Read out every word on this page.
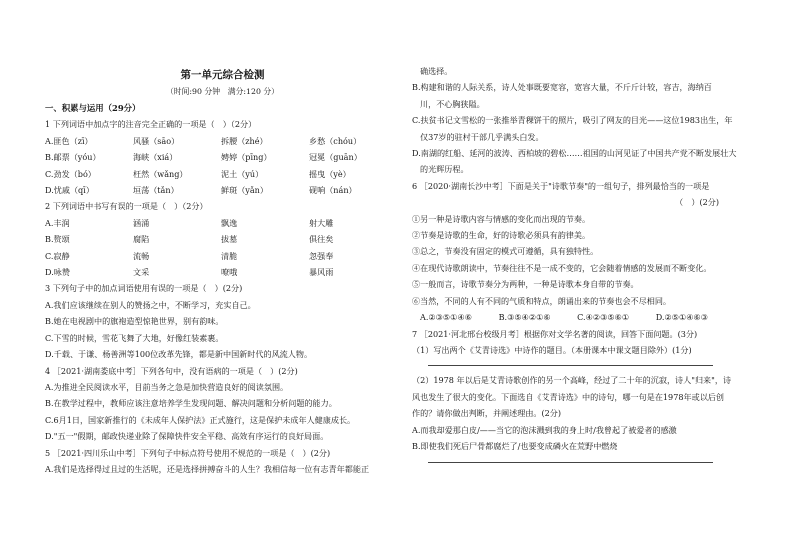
第一单元综合检测
（时间:90 分钟　满分:120 分）
一、积累与运用（29分）
1 下列词语中加点字的注音完全正确的一项是（　）（2分）
A.匪色（zī）	风骚（sāo）	拆腰（zhé）	乡愁（chóu）
B.邮票（yóu）	海峡（xiá）	娉婷（pīng）	冠冕（guān）
C.劲发（bó）	枉然（wǎng）	泥土（yú）	摇曳（yè）
D.忧戚（qī）	垣荡（tǎn）	鲜斑（yǎn）	砚响（nán）
2 下列词语中书写有误的一项是（　）（2分）
A.丰润	涵涌	飘逸	射大雕
B.赘颂	腐陷	拔墓	俱往矣
C.寂静	流畅	清脆	忽强奉
D.咏赞	文采	嘹哦	暴风雨
3 下列句子中的加点词语使用有误的一项是（　）(2分)
A.我们应该继续在别人的赞扬之中，不断学习，充实自己。
B.她在电视剧中的旗袍造型惊艳世界，别有韵味。
C.下雪的时候，雪花飞舞了大地，好像红装素裹。
D.千载、于谦、杨善洲等100位改革先锋，都是新中国新时代的风流人物。
4 ［2021·湖南娄底中考］下列各句中，没有语病的一项是（　）(2分)
A.为推进全民阅读水平，目前当务之急是加快营造良好的阅读氛围。
B.在教学过程中，教师应该注意培养学生发现问题、解决问题和分析问题的能力。
C.6月1日，国家新推行的《未成年人保护法》正式施行，这是保护未成年人健康成长。
D."五一"假期，邮政快递业除了保障快件安全平稳、高效有序运行的良好局面。
5 ［2021·四川乐山中考］下列句子中标点符号使用不规范的一项是（　）(2分)
A.我们是选择得过且过的生活呢，还是选择拼搏奋斗的人生？我相信每一位有志青年都能正
确选择。
B.构建和谐的人际关系，诗人处事既要宽容，宽容大量，不斤斤计较，容吉，海纳百
川，不心胸狭隘。
C.扶贫书记文雪松的一张推举青稞饼干的照片，吸引了网友的目光——这位1983出生，年
仅37岁的驻村干部几乎满头白发。
D.南湖的红船、延河的波涛、西柏坡的碧松……祖国的山河见证了中国共产党不断发展壮大
的光辉历程。
6 ［2020·湖南长沙中考］下面是关于"诗歌节奏"的一组句子，排列最恰当的一项是
（　）(2分)
①另一种是诗歌内容与情感的变化而出现的节奏。
②节奏是诗歌的生命，好的诗歌必须具有韵律美。
③总之，节奏没有固定的模式可遵循，具有独特性。
④在现代诗歌朗读中，节奏往往不是一成不变的，它会随着情感的发展而不断变化。
⑤一般而言，诗歌节奏分为两种，一种是诗歌本身自带的节奏。
⑥当然，不同的人有不同的气质和特点，朗诵出来的节奏也会不尽相同。
A.②③⑤①④⑥	B.③⑤④②①⑥	C.④②③⑤⑥①	D.②⑤①④⑥③
7 ［2021·河北邢台校级月考］根据你对文学名著的阅读，回答下面问题。(3分)
（1）写出两个《艾青诗选》中诗作的题目。（本册课本中课文题目除外）(1分)
（2）1978 年以后是艾青诗歌创作的另一个高峰，经过了二十年的沉寂，诗人"归来"，诗
风也发生了很大的变化。下面选自《艾青诗选》中的诗句，哪一句是在1978年或以后创
作的？请你做出判断，并阐述理由。(2分)
A.而我却爱那白皮/——当它的泡沫溅到我的身上时/我曾起了被爱者的感激
B.即使我们死后尸骨都腐烂了/也要变成磷火在荒野中燃烧
